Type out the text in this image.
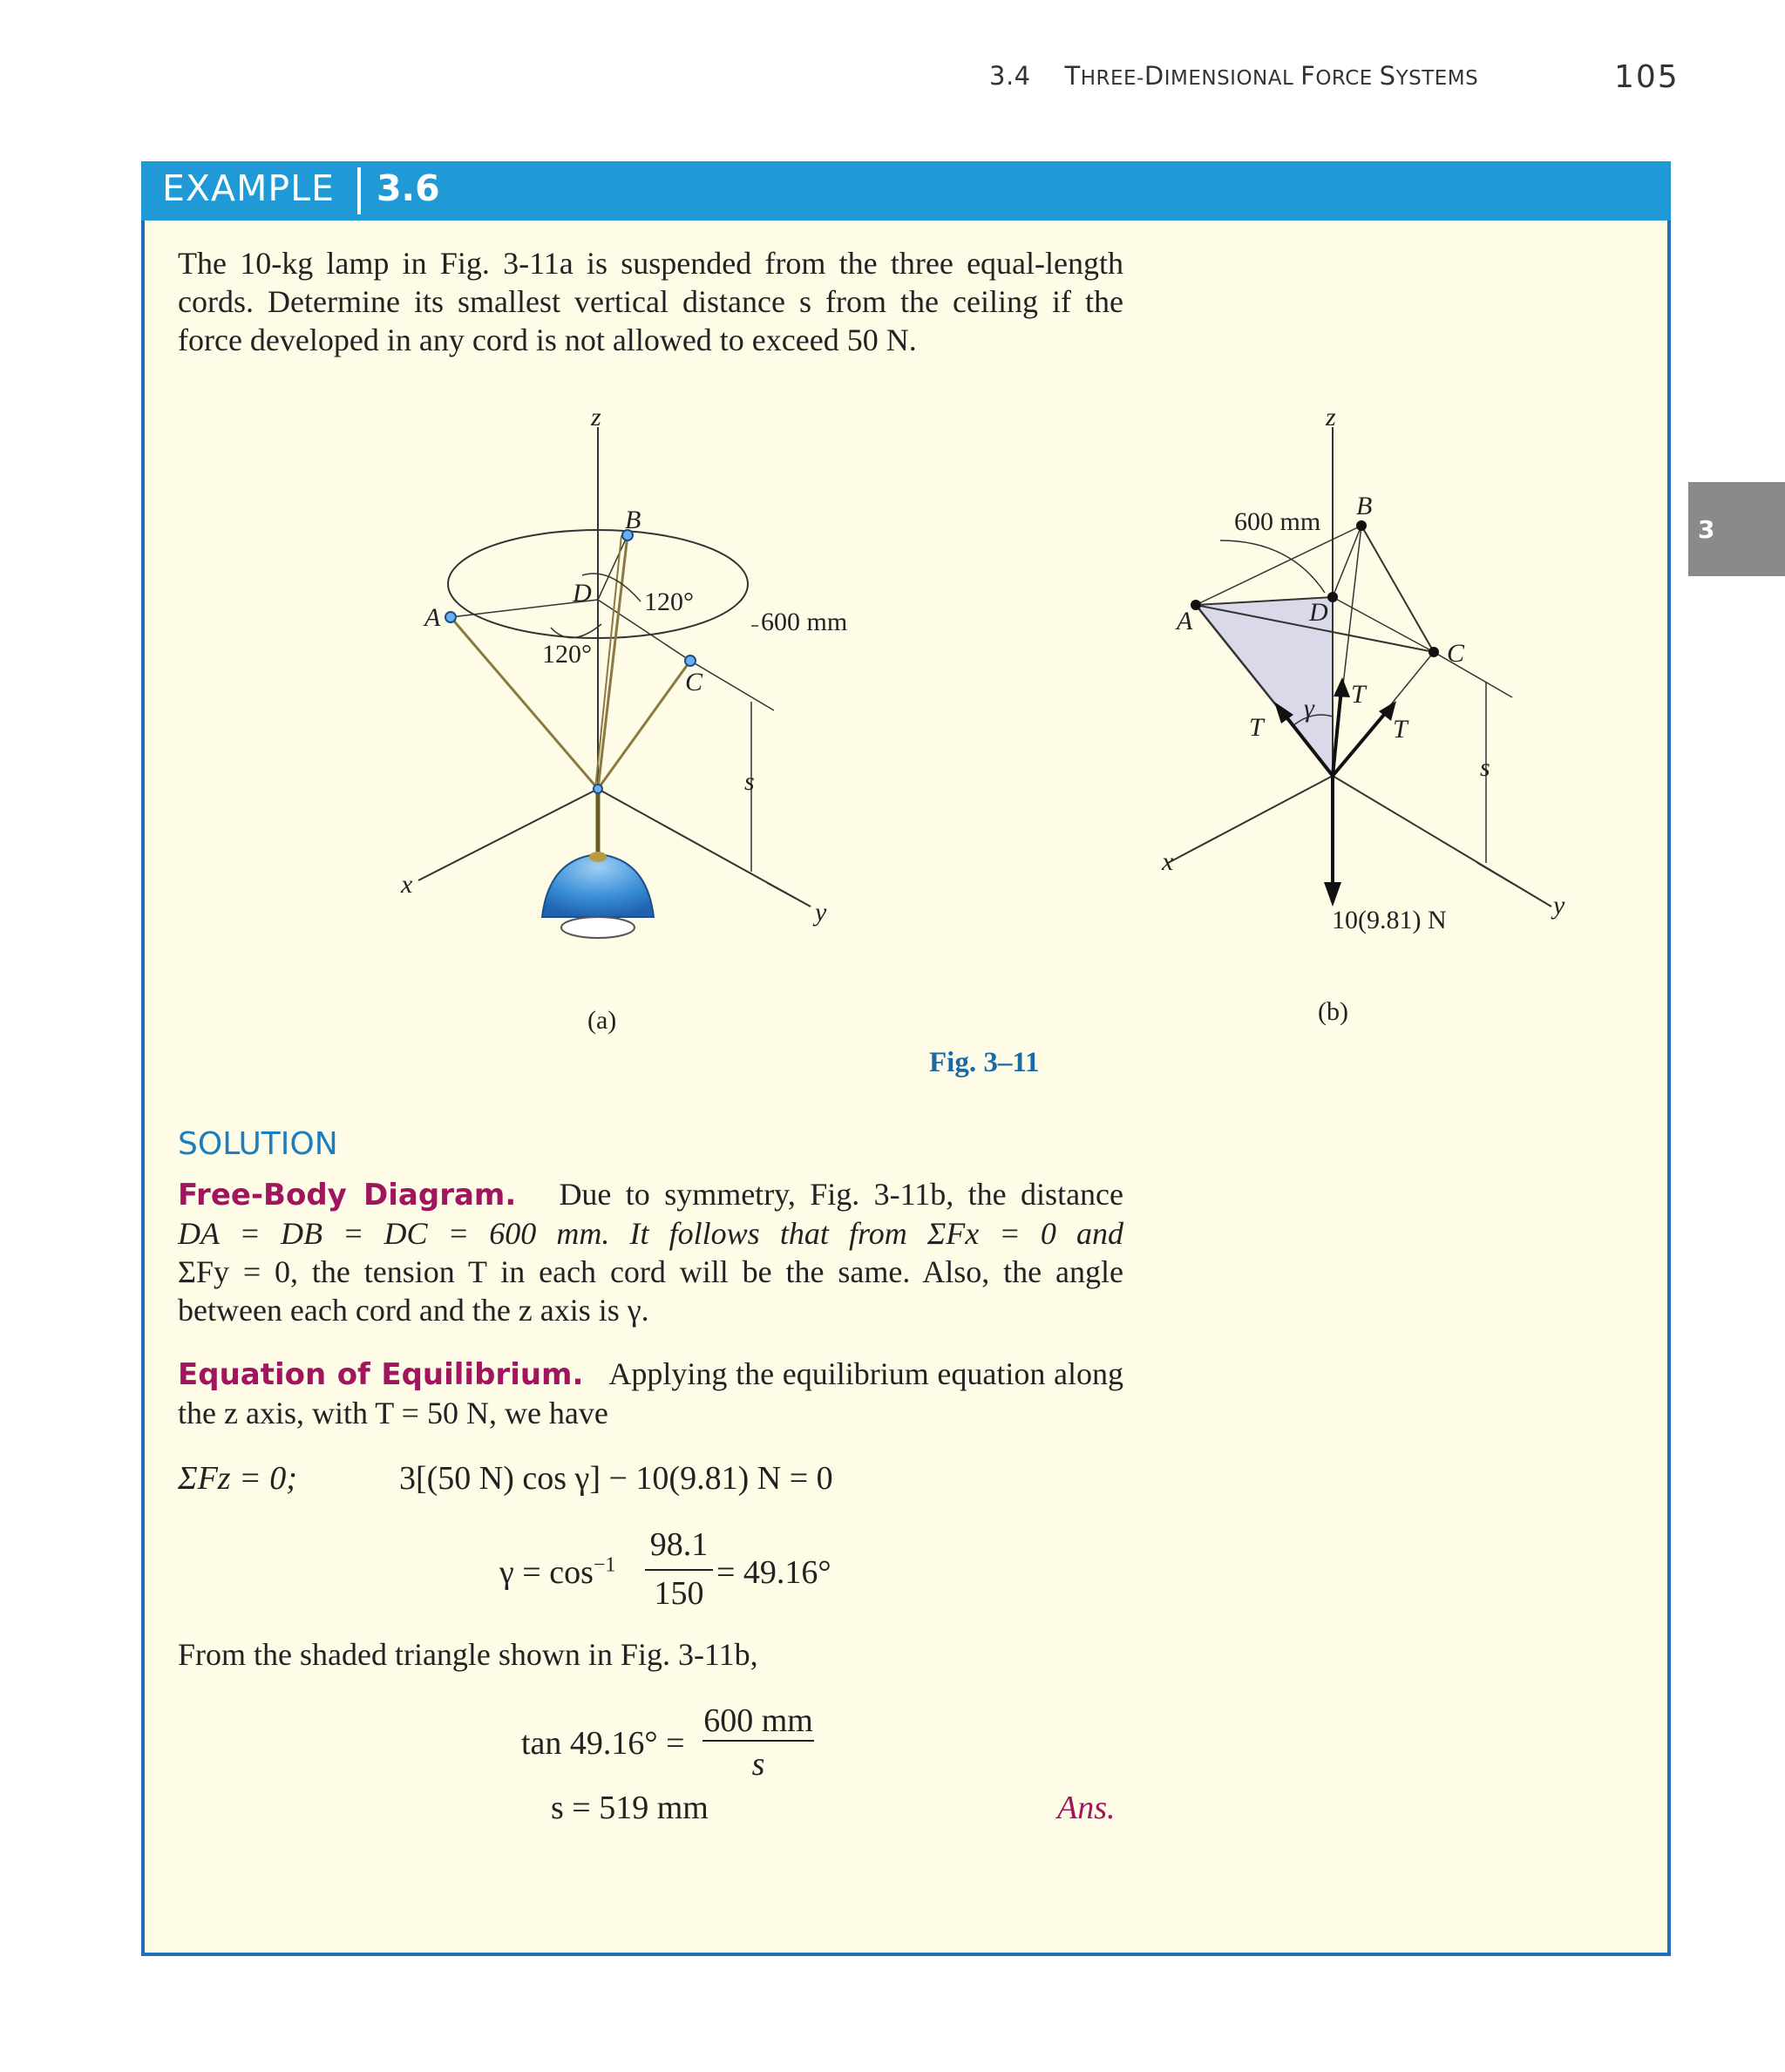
3.4 THREE-DIMENSIONAL FORCE SYSTEMS	105
3
EXAMPLE 3.6
The 10-kg lamp in Fig. 3-11a is suspended from the three equal-length
cords. Determine its smallest vertical distance s from the ceiling if the
force developed in any cord is not allowed to exceed 50 N.
z
x
y
A
B
C
D 120°
120°
600 mm
s
(a)
z
x
y
A
B
C
D
600 mm
T
T
T
γ
s
10(9.81) N
(b)
Fig. 3–11
SOLUTION
Free-Body Diagram. Due to symmetry, Fig. 3-11b, the distance
DA = DB = DC = 600 mm. It follows that from ΣFx = 0 and
ΣFy = 0, the tension T in each cord will be the same. Also, the angle
between each cord and the z axis is γ.
Equation of Equilibrium. Applying the equilibrium equation along
the z axis, with T = 50 N, we have
ΣFz = 0;	3[(50 N) cos γ] − 10(9.81) N = 0
$\gamma = \cos^{-1}$
98.1
150
= 49.16°
From the shaded triangle shown in Fig. 3-11b,
tan 49.16° =
600 mm
s
s = 519 mm	Ans.
